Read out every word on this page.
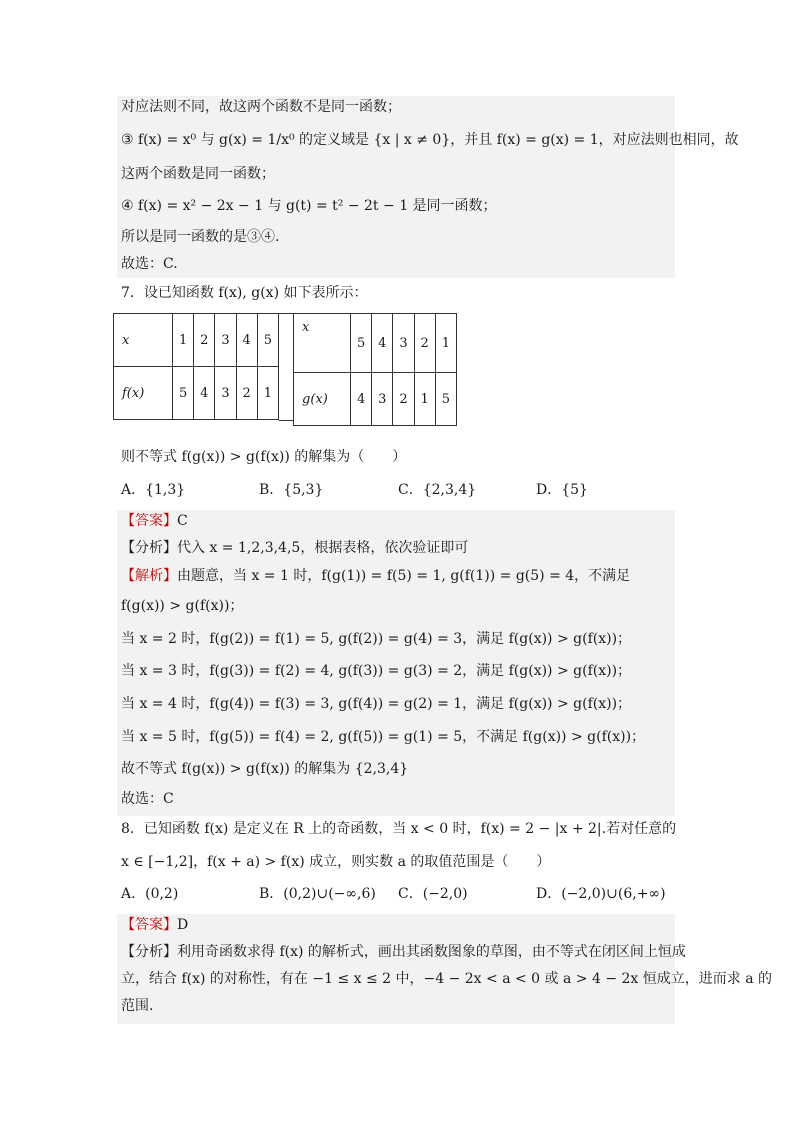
对应法则不同，故这两个函数不是同一函数；
③ f(x) = x⁰ 与 g(x) = 1/x⁰ 的定义域是 {x | x ≠ 0}，并且 f(x) = g(x) = 1，对应法则也相同，故
这两个函数是同一函数；
④ f(x) = x² − 2x − 1 与 g(t) = t² − 2t − 1 是同一函数；
所以是同一函数的是③④.
故选：C.
7．设已知函数 f(x), g(x) 如下表所示：
x	1	2	3	4	5
f(x)	5	4	3	2	1
x	5	4	3	2	1
g(x)	4	3	2	1	5
则不等式 f(g(x)) > g(f(x)) 的解集为（　　）
A．{1,3}	B．{5,3}	C．{2,3,4}	D．{5}
【答案】C
【分析】代入 x = 1,2,3,4,5，根据表格，依次验证即可
【解析】由题意，当 x = 1 时，f(g(1)) = f(5) = 1, g(f(1)) = g(5) = 4，不满足
f(g(x)) > g(f(x))；
当 x = 2 时，f(g(2)) = f(1) = 5, g(f(2)) = g(4) = 3，满足 f(g(x)) > g(f(x))；
当 x = 3 时，f(g(3)) = f(2) = 4, g(f(3)) = g(3) = 2，满足 f(g(x)) > g(f(x))；
当 x = 4 时，f(g(4)) = f(3) = 3, g(f(4)) = g(2) = 1，满足 f(g(x)) > g(f(x))；
当 x = 5 时，f(g(5)) = f(4) = 2, g(f(5)) = g(1) = 5，不满足 f(g(x)) > g(f(x))；
故不等式 f(g(x)) > g(f(x)) 的解集为 {2,3,4}
故选：C
8．已知函数 f(x) 是定义在 R 上的奇函数，当 x < 0 时，f(x) = 2 − |x + 2|.若对任意的
x ∈ [−1,2]，f(x + a) > f(x) 成立，则实数 a 的取值范围是（　　）
A．(0,2)	B．(0,2)∪(−∞,6) C．(−2,0)	D．(−2,0)∪(6,+∞)
【答案】D
【分析】利用奇函数求得 f(x) 的解析式，画出其函数图象的草图，由不等式在闭区间上恒成
立，结合 f(x) 的对称性，有在 −1 ≤ x ≤ 2 中，−4 − 2x < a < 0 或 a > 4 − 2x 恒成立，进而求 a 的
范围.
